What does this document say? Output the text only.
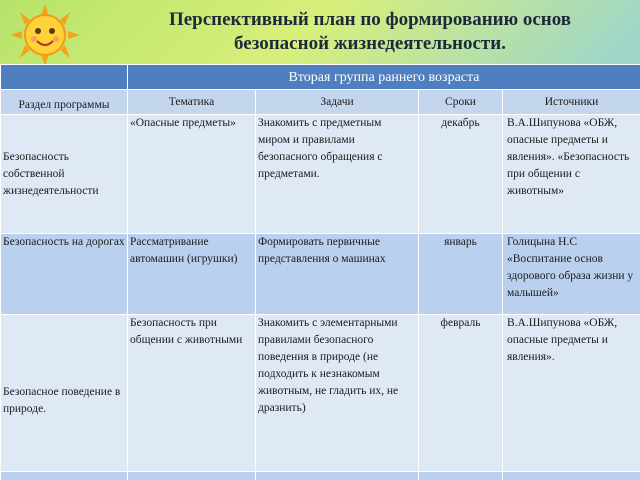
Перспективный план по формированию основ
безопасной жизнедеятельности.
	Вторая группа раннего возраста			
Раздел программы	Тематика	Задачи	Сроки	Источники
Безопасность собственной жизнедеятельности	«Опасные предметы»	Знакомить с предметным миром и правилами безопасного обращения с предметами.	декабрь	В.А.Шипунова «ОБЖ, опасные предметы и явления». «Безопасность при общении с животным»
Безопасность на дорогах	Рассматривание автомашин (игрушки)	Формировать первичные представления о машинах	январь	Голицына Н.С «Воспитание основ здорового образа жизни у малышей»
Безопасное поведение в природе.	Безопасность при общении с животными	Знакомить с элементарными правилами безопасного поведения в природе (не подходить к незнакомым животным, не гладить их, не дразнить)	февраль	В.А.Шипунова «ОБЖ, опасные предметы и явления».
